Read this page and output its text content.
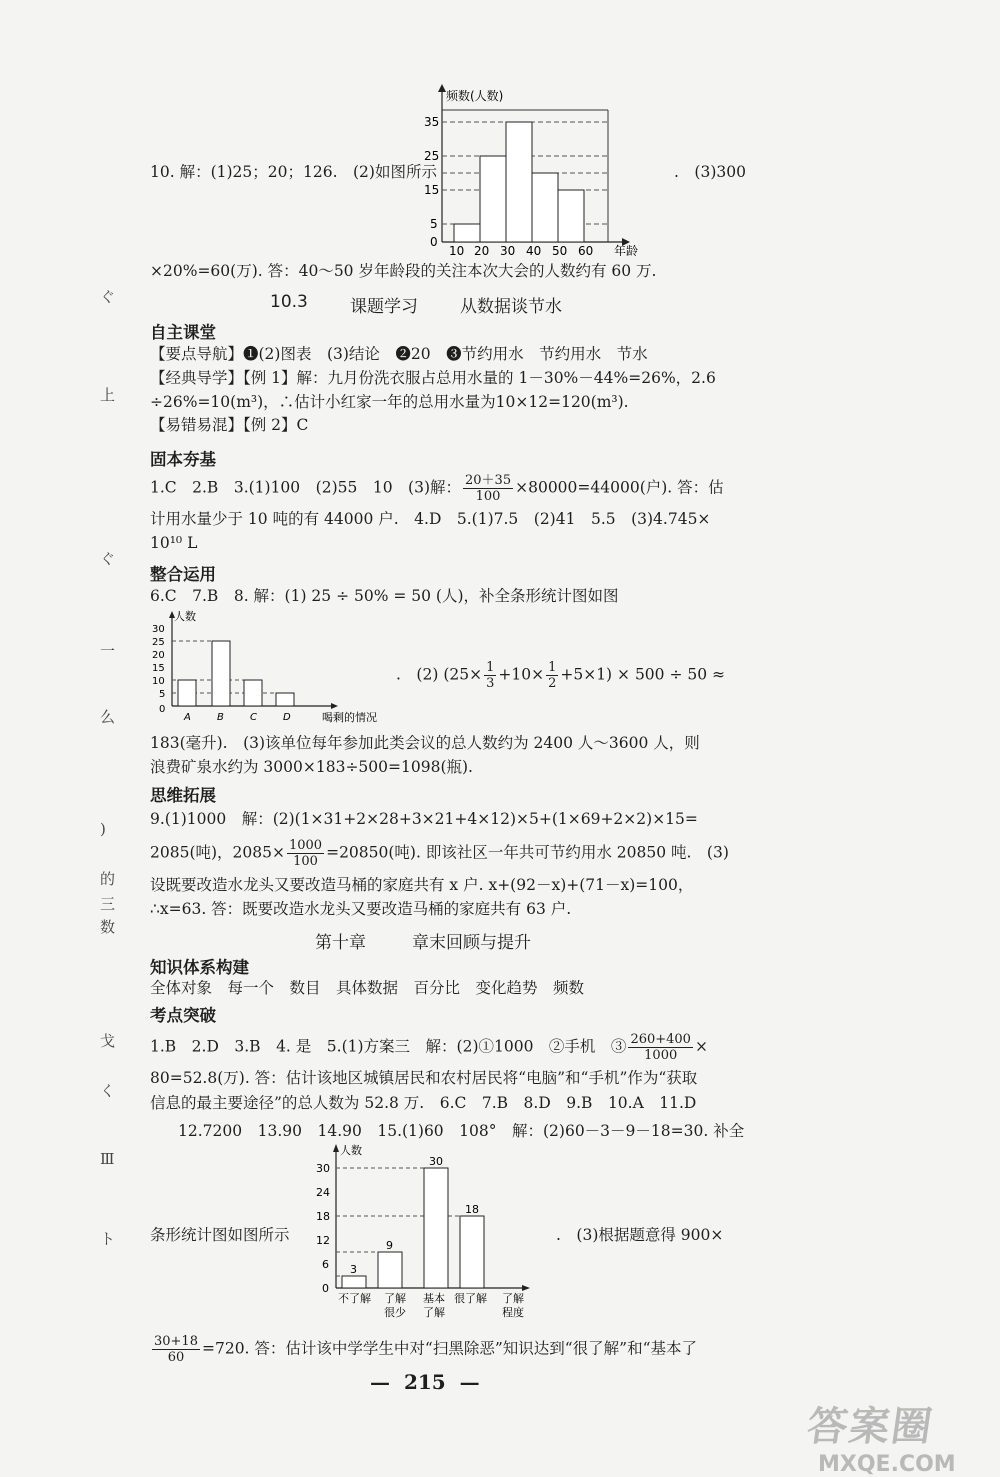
ぐ
上
ぐ
一
么
)
的
三
数
戈
く
Ⅲ
ト
10. 解：(1)25；20；126.　(2)如图所示	.　(3)300
频数(人数)
0
5
15
25
35
10 20 30 40 50 60 年龄
×20%=60(万). 答：40～50 岁年龄段的关注本次大会的人数约有 60 万.
10.3 课题学习 从数据谈节水
自主课堂
【要点导航】❶(2)图表　(3)结论　❷20　❸节约用水　节约用水　节水
【经典导学】【例 1】解：九月份洗衣服占总用水量的 1－30%－44%=26%，2.6
÷26%=10(m³)，∴估计小红家一年的总用水量为10×12=120(m³).
【易错易混】【例 2】C
固本夯基
1.C　2.B　3.(1)100　(2)55　10　(3)解： $\frac{20+35}{100} \times 80000=44000$(户). 答：估
计用水量少于 10 吨的有 44000 户.　4.D　5.(1)7.5　(2)41　5.5　(3)4.745×
10¹⁰ L
整合运用
6.C　7.B　8. 解：(1) 25 ÷ 50% = 50 (人)，补全条形统计图如图
人数
0
5
10
15
20
25
30
A	B	C	D	喝剩的情况
.　(2) $(25\times \frac{1}{3} +10\times \frac{1}{2} +5\times 1) \times 500 \div 50$ ≈
183(毫升).　(3)该单位每年参加此类会议的总人数约为 2400 人～3600 人，则
浪费矿泉水约为 3000×183÷500=1098(瓶).
思维拓展
9.(1)1000　解：(2)(1×31+2×28+3×21+4×12)×5+(1×69+2×2)×15=
2085(吨)，$2085\times \frac{1000}{100} =20850$(吨). 即该社区一年共可节约用水 20850 吨.　(3)
设既要改造水龙头又要改造马桶的家庭共有 x 户. x+(92－x)+(71－x)=100，
∴x=63. 答：既要改造水龙头又要改造马桶的家庭共有 63 户.
第十章	章末回顾与提升
知识体系构建
全体对象　每一个　数目　具体数据　百分比　变化趋势　频数
考点突破
1.B　2.D　3.B　4. 是　5.(1)方案三　解：(2)①1000　②手机　③ $\frac{260+400}{1000}$ ×
80=52.8(万). 答：估计该地区城镇居民和农村居民将“电脑”和“手机”作为“获取
信息的最主要途径”的总人数为 52.8 万.　6.C　7.B　8.D　9.B　10.A　11.D
12.7200　13.90　14.90　15.(1)60　108°　解：(2)60－3－9－18=30. 补全
3
9
30
18
人数
0
6
12
18
24
30
不了解 了解
很少
基本
了解
很了解 了解
程度
条形统计图如图所示	.　(3)根据题意得 900×
$\frac{30+18}{60} =720$. 答：估计该中学学生中对“扫黑除恶”知识达到“很了解”和“基本了
— 215 —
答案圈
MXQE.COM
